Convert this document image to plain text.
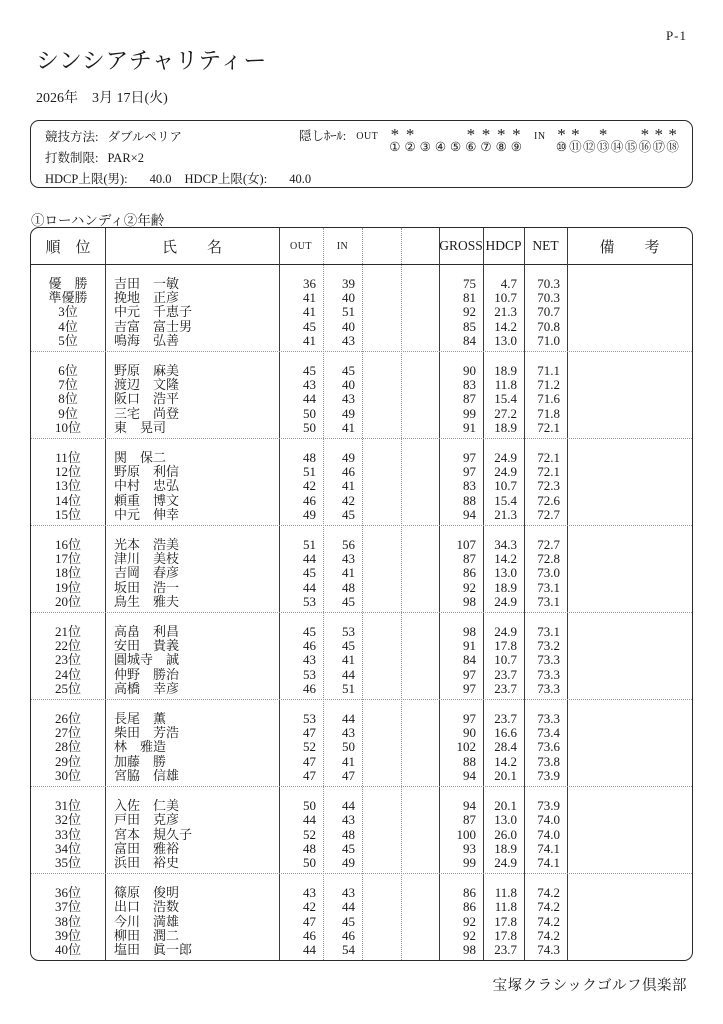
P-1
シンシアチャリティー
2026年　3月 17日(火)
競技方法: ダブルペリア
打数制限: PAR×2
HDCP上限(男): 40.0 HDCP上限(女): 40.0
隠しﾎｰﾙ: OUT *
①
*
② ③ ④ ⑤
*
⑥
*
⑦
*
⑧
*
⑨
IN *
⑩
*
⑪ ⑫
*
⑬ ⑭ ⑮
*
⑯
*
⑰
*
⑱
①ローハンディ②年齢
順　位	氏　　名	OUT	IN	GROSS HDCP NET	備　　考
優　勝	吉田　一敏	36	39	75	4.7	70.3
準優勝	挽地　正彦	41	40	81	10.7	70.3
3位	中元　千恵子	41	51	92	21.3	70.7
4位	吉富　富士男	45	40	85	14.2	70.8
5位	鳴海　弘善	41	43	84	13.0	71.0
6位	野原　麻美	45	45	90	18.9	71.1
7位	渡辺　文隆	43	40	83	11.8	71.2
8位	阪口　浩平	44	43	87	15.4	71.6
9位	三宅　尚登	50	49	99	27.2	71.8
10位	東　晃司	50	41	91	18.9	72.1
11位	関　保二	48	49	97	24.9	72.1
12位	野原　利信	51	46	97	24.9	72.1
13位	中村　忠弘	42	41	83	10.7	72.3
14位	頼重　博文	46	42	88	15.4	72.6
15位	中元　伸幸	49	45	94	21.3	72.7
16位	光本　浩美	51	56	107	34.3	72.7
17位	津川　美枝	44	43	87	14.2	72.8
18位	吉岡　春彦	45	41	86	13.0	73.0
19位	坂田　浩一	44	48	92	18.9	73.1
20位	鳥生　雅夫	53	45	98	24.9	73.1
21位	高畠　利昌	45	53	98	24.9	73.1
22位	安田　貴義	46	45	91	17.8	73.2
23位	圓城寺　誠	43	41	84	10.7	73.3
24位	仲野　勝治	53	44	97	23.7	73.3
25位	高橋　幸彦	46	51	97	23.7	73.3
26位	長尾　薫	53	44	97	23.7	73.3
27位	柴田　芳浩	47	43	90	16.6	73.4
28位	林　雅造	52	50	102	28.4	73.6
29位	加藤　勝	47	41	88	14.2	73.8
30位	宮脇　信雄	47	47	94	20.1	73.9
31位	入佐　仁美	50	44	94	20.1	73.9
32位	戸田　克彦	44	43	87	13.0	74.0
33位	宮本　規久子	52	48	100	26.0	74.0
34位	富田　雅裕	48	45	93	18.9	74.1
35位	浜田　裕史	50	49	99	24.9	74.1
36位	篠原　俊明	43	43	86	11.8	74.2
37位	出口　浩数	42	44	86	11.8	74.2
38位	今川　満雄	47	45	92	17.8	74.2
39位	柳田　潤二	46	46	92	17.8	74.2
40位	塩田　眞一郎	44	54	98	23.7	74.3
宝塚クラシックゴルフ倶楽部
